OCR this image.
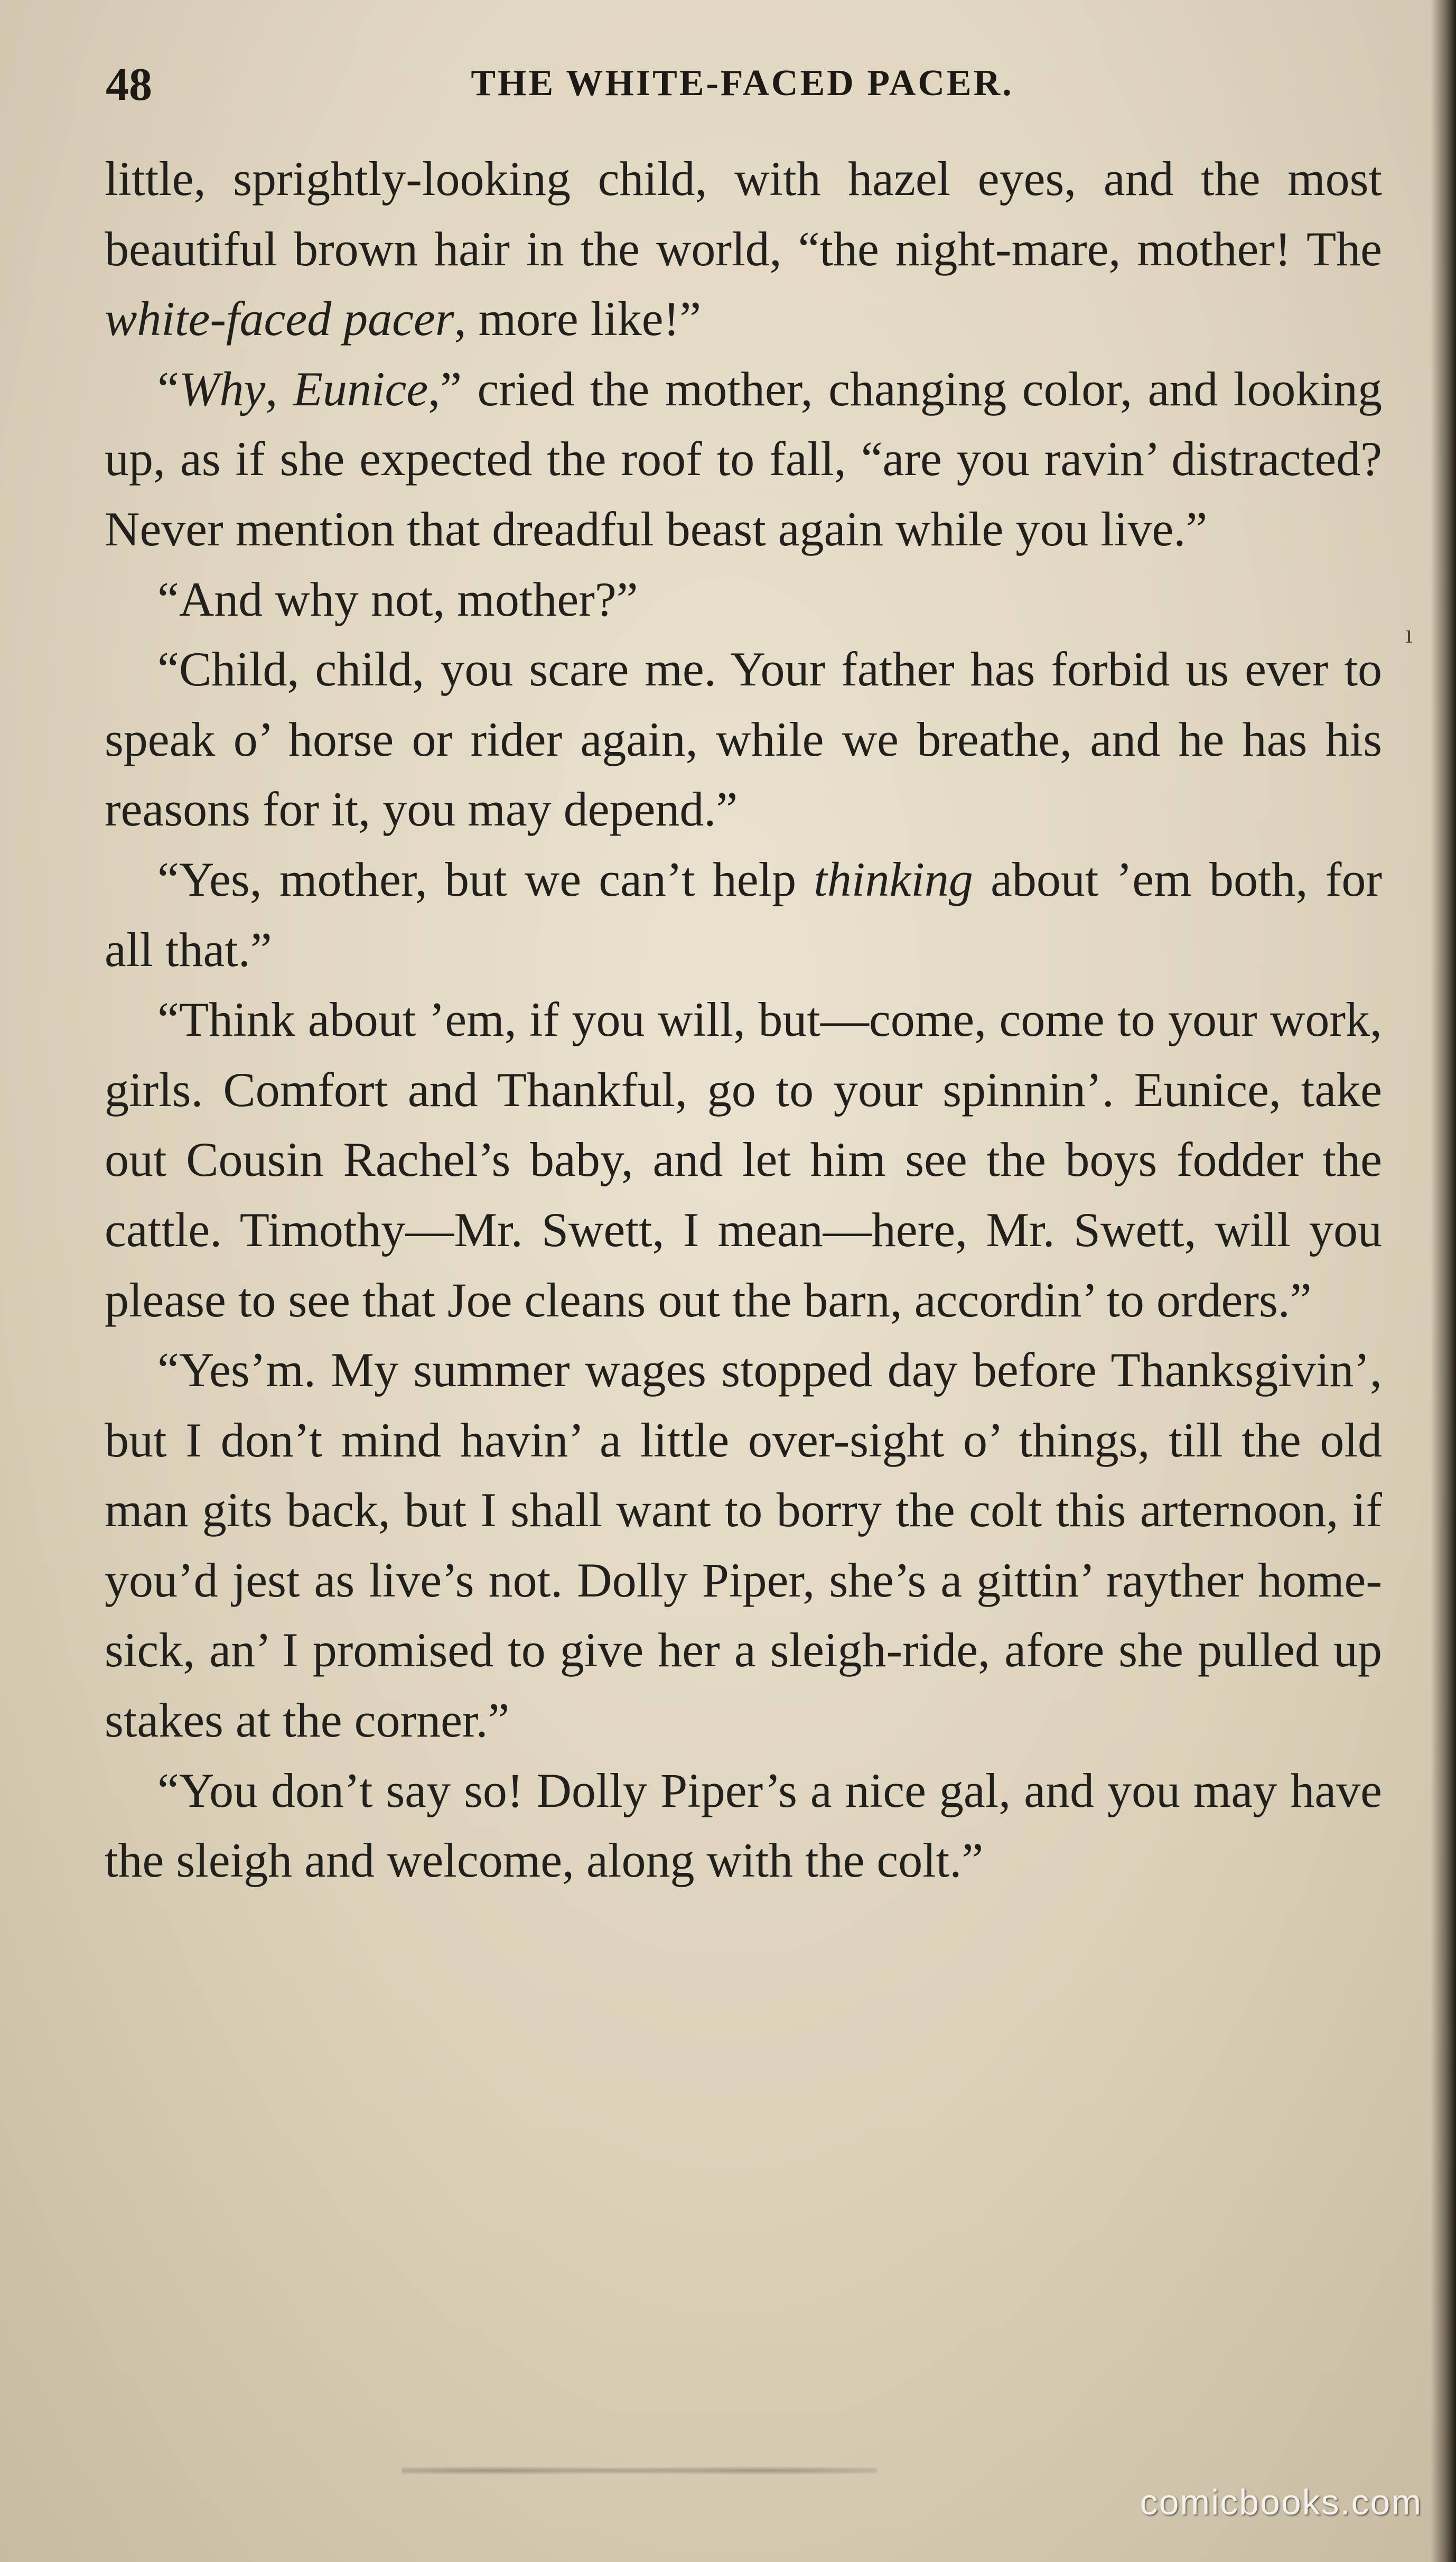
48	THE WHITE-FACED PACER.

little, sprightly-looking child, with hazel eyes, and the most beautiful brown hair in the world, “the night-mare, mother! The white-faced pacer, more like!”

“Why, Eunice,” cried the mother, changing color, and looking up, as if she expected the roof to fall, “are you ravin’ distracted? Never mention that dreadful beast again while you live.”

“And why not, mother?”

“Child, child, you scare me. Your father has forbid us ever to speak o’ horse or rider again, while we breathe, and he has his reasons for it, you may depend.”

“Yes, mother, but we can’t help thinking about ’em both, for all that.”

“Think about ’em, if you will, but—come, come to your work, girls. Comfort and Thankful, go to your spinnin’. Eunice, take out Cousin Rachel’s baby, and let him see the boys fodder the cattle. Timothy—Mr. Swett, I mean—here, Mr. Swett, will you please to see that Joe cleans out the barn, accordin’ to orders.”

“Yes’m. My summer wages stopped day before Thanksgivin’, but I don’t mind havin’ a little over-sight o’ things, till the old man gits back, but I shall want to borry the colt this arternoon, if you’d jest as live’s not. Dolly Piper, she’s a gittin’ rayther home-sick, an’ I promised to give her a sleigh-ride, afore she pulled up stakes at the corner.”

“You don’t say so! Dolly Piper’s a nice gal, and you may have the sleigh and welcome, along with the colt.”

ı
comicbooks.com
